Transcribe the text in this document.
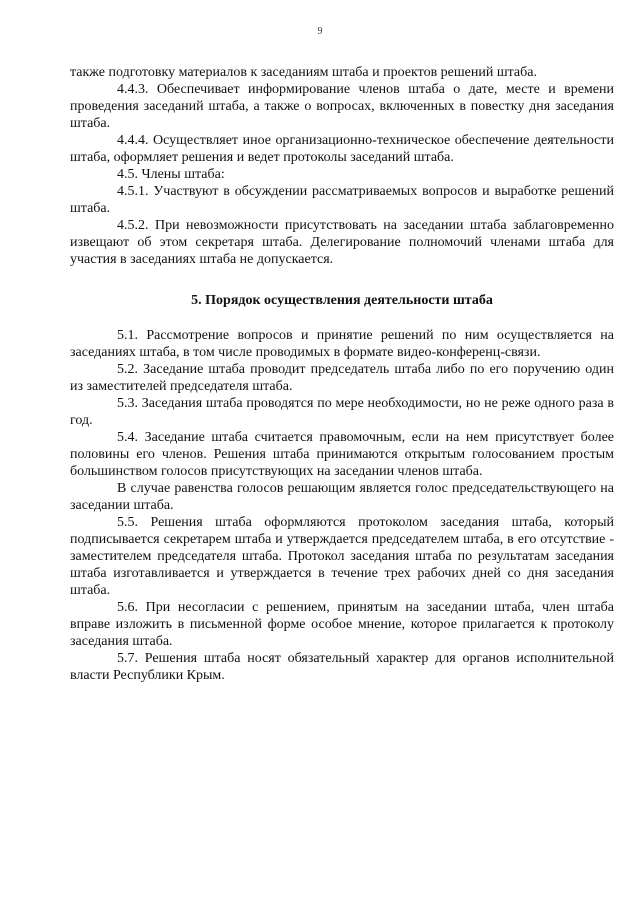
9

также подготовку материалов к заседаниям штаба и проектов решений штаба.

4.4.3. Обеспечивает информирование членов штаба о дате, месте и времени проведения заседаний штаба, а также о вопросах, включенных в повестку дня заседания штаба.

4.4.4. Осуществляет иное организационно-техническое обеспечение деятельности штаба, оформляет решения и ведет протоколы заседаний штаба.

4.5. Члены штаба:

4.5.1. Участвуют в обсуждении рассматриваемых вопросов и выработке решений штаба.

4.5.2. При невозможности присутствовать на заседании штаба заблаговременно извещают об этом секретаря штаба. Делегирование полномочий членами штаба для участия в заседаниях штаба не допускается.

5. Порядок осуществления деятельности штаба

5.1. Рассмотрение вопросов и принятие решений по ним осуществляется на заседаниях штаба, в том числе проводимых в формате видео-конференц-связи.

5.2. Заседание штаба проводит председатель штаба либо по его поручению один из заместителей председателя штаба.

5.3. Заседания штаба проводятся по мере необходимости, но не реже одного раза в год.

5.4. Заседание штаба считается правомочным, если на нем присутствует более половины его членов. Решения штаба принимаются открытым голосованием простым большинством голосов присутствующих на заседании членов штаба.

В случае равенства голосов решающим является голос председательствующего на заседании штаба.

5.5. Решения штаба оформляются протоколом заседания штаба, который подписывается секретарем штаба и утверждается председателем штаба, в его отсутствие - заместителем председателя штаба. Протокол заседания штаба по результатам заседания штаба изготавливается и утверждается в течение трех рабочих дней со дня заседания штаба.

5.6. При несогласии с решением, принятым на заседании штаба, член штаба вправе изложить в письменной форме особое мнение, которое прилагается к протоколу заседания штаба.

5.7. Решения штаба носят обязательный характер для органов исполнительной власти Республики Крым.
